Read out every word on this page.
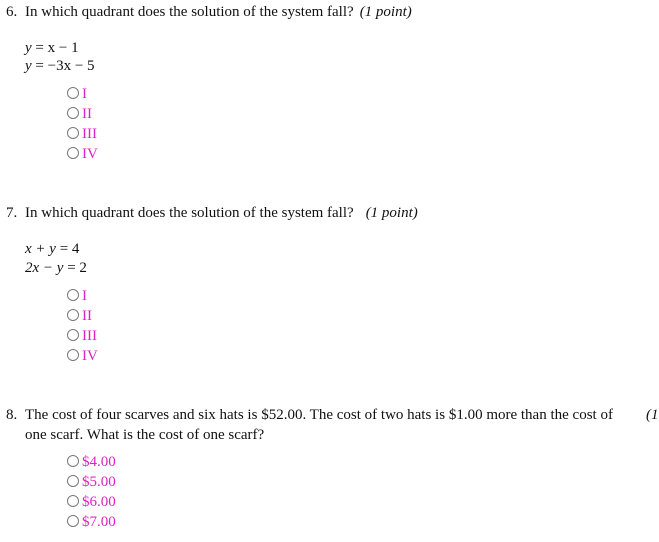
6. In which quadrant does the solution of the system fall? (1 point)
y = x − 1
y = −3x − 5
I
II
III
IV
7. In which quadrant does the solution of the system fall? (1 point)
x + y = 4
2x − y = 2
I
II
III
IV
8. The cost of four scarves and six hats is $52.00. The cost of two hats is $1.00 more than the cost of one scarf. What is the cost of one scarf?
(1
$4.00
$5.00
$6.00
$7.00
